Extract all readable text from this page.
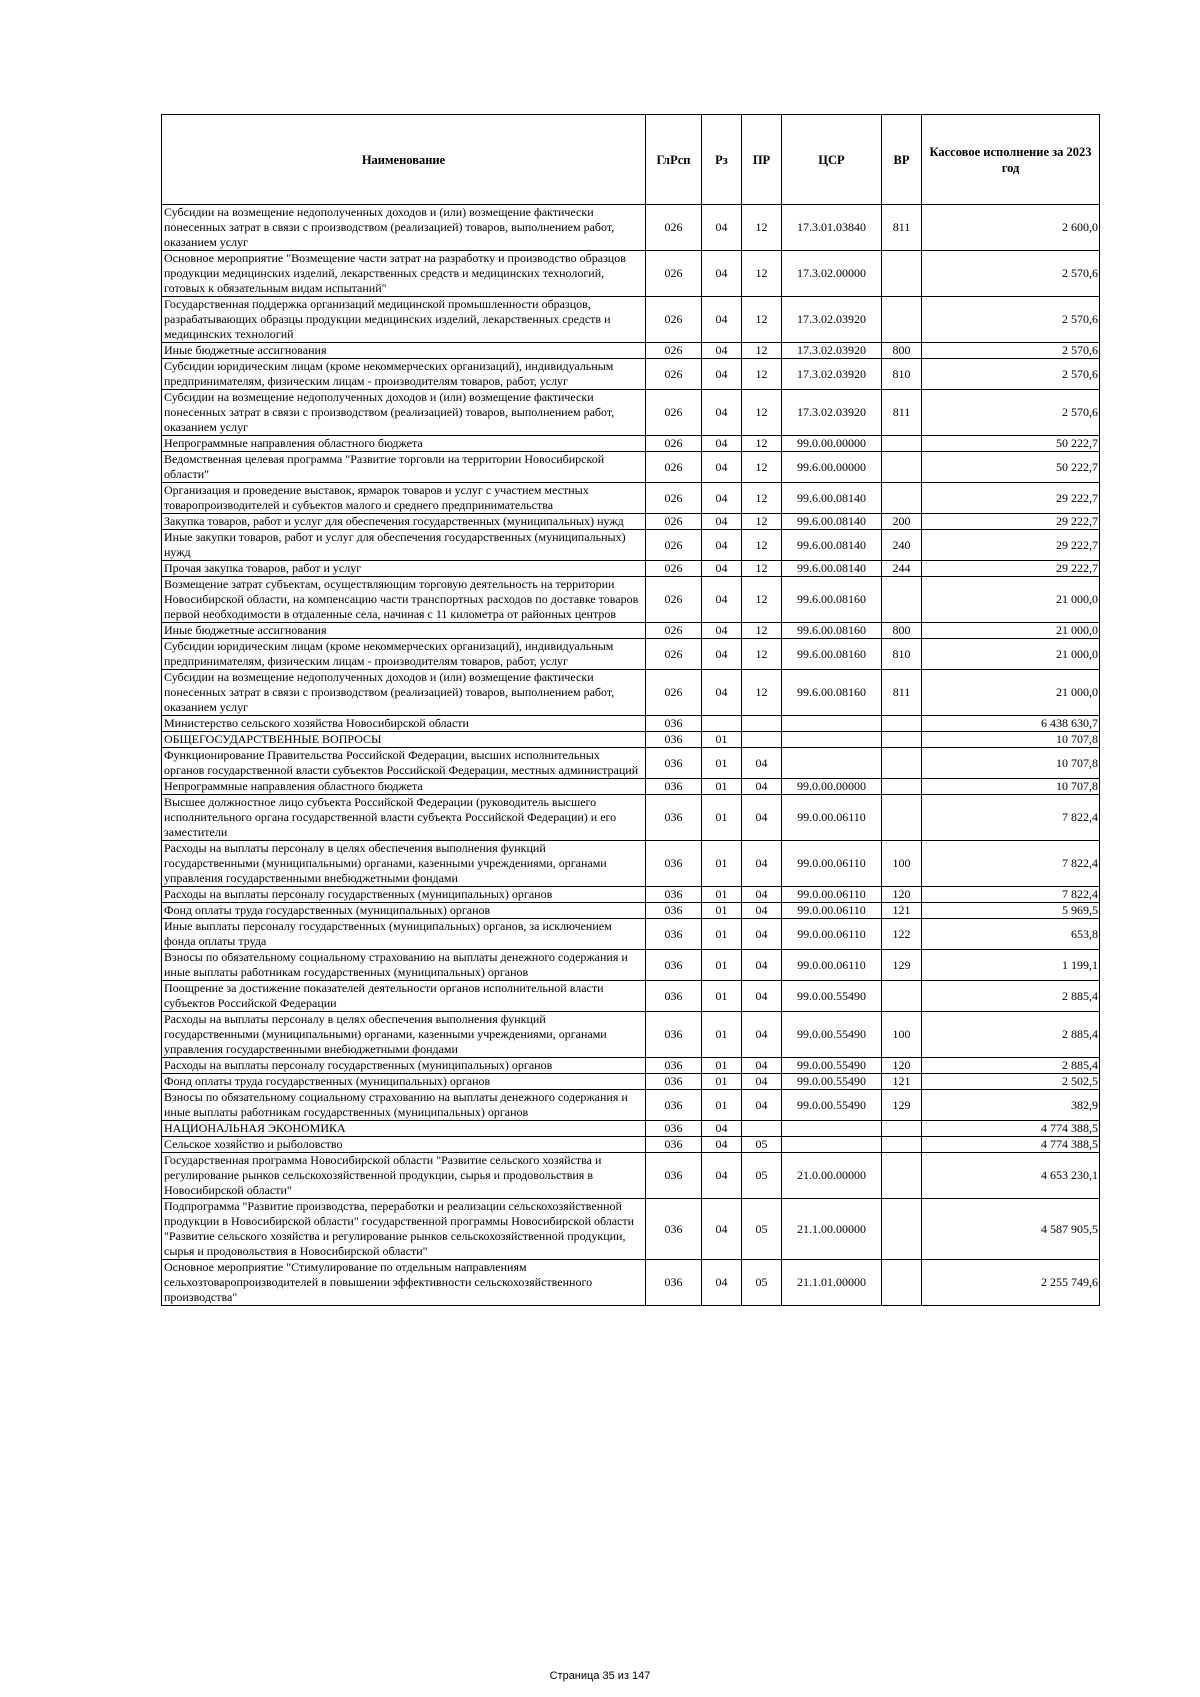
Наименование	ГлРсп	Рз	ПР	ЦСР	ВР	Кассовое исполнение за 2023 год
Субсидии на возмещение недополученных доходов и (или) возмещение фактически понесенных затрат в связи с производством (реализацией) товаров, выполнением работ, оказанием услуг	026	04	12	17.3.01.03840	811	2 600,0
Основное мероприятие "Возмещение части затрат на разработку и производство образцов продукции медицинских изделий, лекарственных средств и медицинских технологий, готовых к обязательным видам испытаний"	026	04	12	17.3.02.00000		2 570,6
Государственная поддержка организаций медицинской промышленности образцов, разрабатывающих образцы продукции медицинских изделий, лекарственных средств и медицинских технологий	026	04	12	17.3.02.03920		2 570,6
Иные бюджетные ассигнования	026	04	12	17.3.02.03920	800	2 570,6
Субсидии юридическим лицам (кроме некоммерческих организаций), индивидуальным предпринимателям, физическим лицам - производителям товаров, работ, услуг	026	04	12	17.3.02.03920	810	2 570,6
Субсидии на возмещение недополученных доходов и (или) возмещение фактически понесенных затрат в связи с производством (реализацией) товаров, выполнением работ, оказанием услуг	026	04	12	17.3.02.03920	811	2 570,6
Непрограммные направления областного бюджета	026	04	12	99.0.00.00000		50 222,7
Ведомственная целевая программа "Развитие торговли на территории Новосибирской области"	026	04	12	99.6.00.00000		50 222,7
Организация и проведение выставок, ярмарок товаров и услуг с участием местных товаропроизводителей и субъектов малого и среднего предпринимательства	026	04	12	99.6.00.08140		29 222,7
Закупка товаров, работ и услуг для обеспечения государственных (муниципальных) нужд	026	04	12	99.6.00.08140	200	29 222,7
Иные закупки товаров, работ и услуг для обеспечения государственных (муниципальных) нужд	026	04	12	99.6.00.08140	240	29 222,7
Прочая закупка товаров, работ и услуг	026	04	12	99.6.00.08140	244	29 222,7
Возмещение затрат субъектам, осуществляющим торговую деятельность на территории Новосибирской области, на компенсацию части транспортных расходов по доставке товаров первой необходимости в отдаленные села, начиная с 11 километра от районных центров	026	04	12	99.6.00.08160		21 000,0
Иные бюджетные ассигнования	026	04	12	99.6.00.08160	800	21 000,0
Субсидии юридическим лицам (кроме некоммерческих организаций), индивидуальным предпринимателям, физическим лицам - производителям товаров, работ, услуг	026	04	12	99.6.00.08160	810	21 000,0
Субсидии на возмещение недополученных доходов и (или) возмещение фактически понесенных затрат в связи с производством (реализацией) товаров, выполнением работ, оказанием услуг	026	04	12	99.6.00.08160	811	21 000,0
Министерство сельского хозяйства Новосибирской области	036					6 438 630,7
ОБЩЕГОСУДАРСТВЕННЫЕ ВОПРОСЫ	036	01				10 707,8
Функционирование Правительства Российской Федерации, высших исполнительных органов государственной власти субъектов Российской Федерации, местных администраций	036	01	04			10 707,8
Непрограммные направления областного бюджета	036	01	04	99.0.00.00000		10 707,8
Высшее должностное лицо субъекта Российской Федерации (руководитель высшего исполнительного органа государственной власти субъекта Российской Федерации) и его заместители	036	01	04	99.0.00.06110		7 822,4
Расходы на выплаты персоналу в целях обеспечения выполнения функций государственными (муниципальными) органами, казенными учреждениями, органами управления государственными внебюджетными фондами	036	01	04	99.0.00.06110	100	7 822,4
Расходы на выплаты персоналу государственных (муниципальных) органов	036	01	04	99.0.00.06110	120	7 822,4
Фонд оплаты труда государственных (муниципальных) органов	036	01	04	99.0.00.06110	121	5 969,5
Иные выплаты персоналу государственных (муниципальных) органов, за исключением фонда оплаты труда	036	01	04	99.0.00.06110	122	653,8
Взносы по обязательному социальному страхованию на выплаты денежного содержания и иные выплаты работникам государственных (муниципальных) органов	036	01	04	99.0.00.06110	129	1 199,1
Поощрение за достижение показателей деятельности органов исполнительной власти субъектов Российской Федерации	036	01	04	99.0.00.55490		2 885,4
Расходы на выплаты персоналу в целях обеспечения выполнения функций государственными (муниципальными) органами, казенными учреждениями, органами управления государственными внебюджетными фондами	036	01	04	99.0.00.55490	100	2 885,4
Расходы на выплаты персоналу государственных (муниципальных) органов	036	01	04	99.0.00.55490	120	2 885,4
Фонд оплаты труда государственных (муниципальных) органов	036	01	04	99.0.00.55490	121	2 502,5
Взносы по обязательному социальному страхованию на выплаты денежного содержания и иные выплаты работникам государственных (муниципальных) органов	036	01	04	99.0.00.55490	129	382,9
НАЦИОНАЛЬНАЯ ЭКОНОМИКА	036	04				4 774 388,5
Сельское хозяйство и рыболовство	036	04	05			4 774 388,5
Государственная программа Новосибирской области "Развитие сельского хозяйства и регулирование рынков сельскохозяйственной продукции, сырья и продовольствия в Новосибирской области"	036	04	05	21.0.00.00000		4 653 230,1
Подпрограмма "Развитие производства, переработки и реализации сельскохозяйственной продукции в Новосибирской области" государственной программы Новосибирской области "Развитие сельского хозяйства и регулирование рынков сельскохозяйственной продукции, сырья и продовольствия в Новосибирской области"	036	04	05	21.1.00.00000		4 587 905,5
Основное мероприятие "Стимулирование по отдельным направлениям сельхозтоваропроизводителей в повышении эффективности сельскохозяйственного производства"	036	04	05	21.1.01.00000		2 255 749,6
Страница 35 из 147
